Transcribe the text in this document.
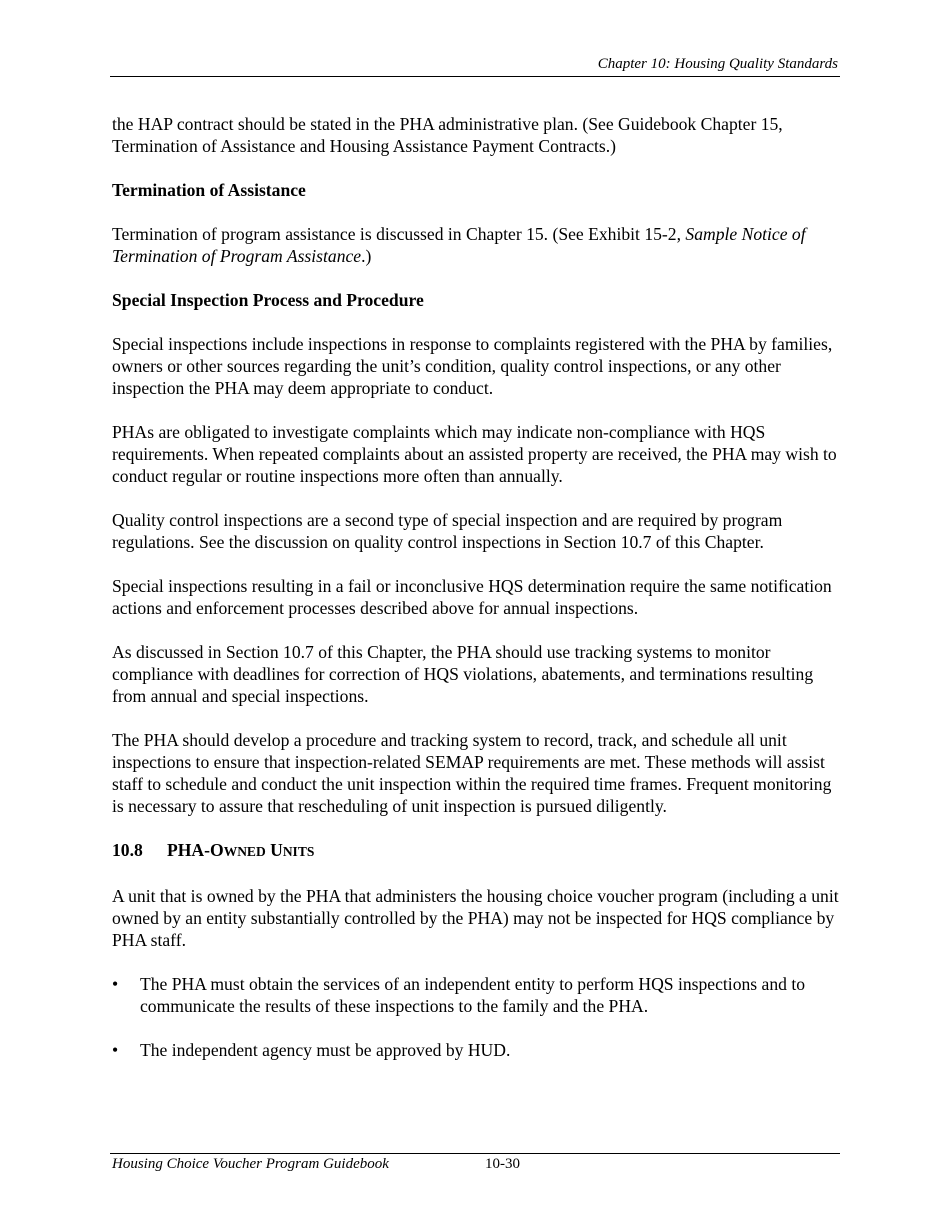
Chapter 10: Housing Quality Standards

the HAP contract should be stated in the PHA administrative plan. (See Guidebook Chapter 15, Termination of Assistance and Housing Assistance Payment Contracts.)

Termination of Assistance

Termination of program assistance is discussed in Chapter 15. (See Exhibit 15-2, Sample Notice of Termination of Program Assistance.)

Special Inspection Process and Procedure

Special inspections include inspections in response to complaints registered with the PHA by families, owners or other sources regarding the unit’s condition, quality control inspections, or any other inspection the PHA may deem appropriate to conduct.

PHAs are obligated to investigate complaints which may indicate non-compliance with HQS requirements. When repeated complaints about an assisted property are received, the PHA may wish to conduct regular or routine inspections more often than annually.

Quality control inspections are a second type of special inspection and are required by program regulations. See the discussion on quality control inspections in Section 10.7 of this Chapter.

Special inspections resulting in a fail or inconclusive HQS determination require the same notification actions and enforcement processes described above for annual inspections.

As discussed in Section 10.7 of this Chapter, the PHA should use tracking systems to monitor compliance with deadlines for correction of HQS violations, abatements, and terminations resulting from annual and special inspections.

The PHA should develop a procedure and tracking system to record, track, and schedule all unit inspections to ensure that inspection-related SEMAP requirements are met. These methods will assist staff to schedule and conduct the unit inspection within the required time frames. Frequent monitoring is necessary to assure that rescheduling of unit inspection is pursued diligently.

10.8 PHA-OWNED UNITS

A unit that is owned by the PHA that administers the housing choice voucher program (including a unit owned by an entity substantially controlled by the PHA) may not be inspected for HQS compliance by PHA staff.

• The PHA must obtain the services of an independent entity to perform HQS inspections and to communicate the results of these inspections to the family and the PHA.
• The independent agency must be approved by HUD.
Housing Choice Voucher Program Guidebook	10-30
